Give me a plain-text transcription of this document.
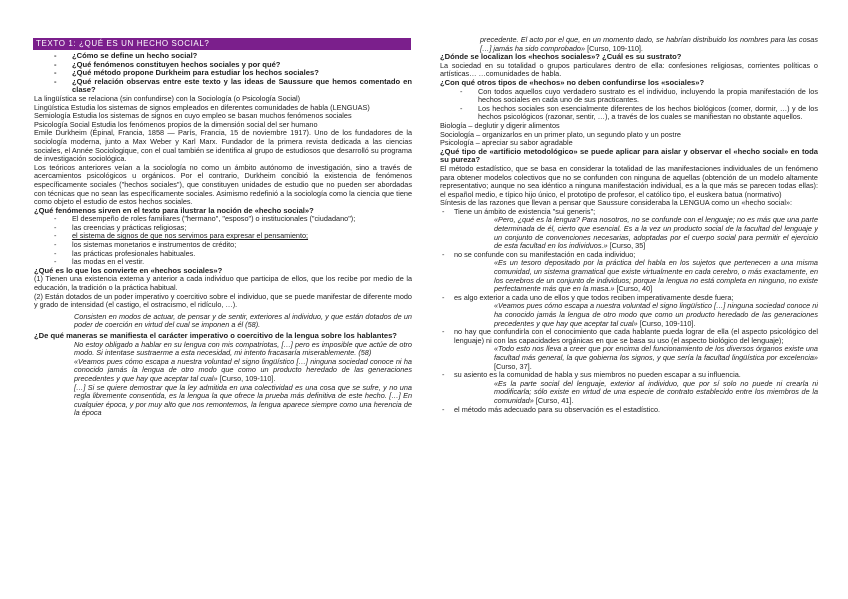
TEXTO 1: ¿QUÉ ES UN HECHO SOCIAL?
- ¿Cómo se define un hecho social?
- ¿Qué fenómenos constituyen hechos sociales y por qué?
- ¿Qué método propone Durkheim para estudiar los hechos sociales?
- ¿Qué relación observas entre este texto y las ideas de Saussure que hemos comentado en clase?

La lingüística se relaciona (sin confundirse) con la Sociología (o Psicología Social)

Lingüística Estudia los sistemas de signos empleados en diferentes comunidades de habla (LENGUAS)

Semiología Estudia los sistemas de signos en cuyo empleo se basan muchos fenómenos sociales

Psicología Social Estudia los fenómenos propios de la dimensión social del ser humano

Emile Durkheim (Épinal, Francia, 1858 — París, Francia, 15 de noviembre 1917). Uno de los fundadores de la sociología moderna, junto a Max Weber y Karl Marx. Fundador de la primera revista dedicada a las ciencias sociales, el Année Sociologique, con el cual también se identifica al grupo de estudiosos que desarrolló su programa de investigación sociológica.

Los teóricos anteriores veían a la sociología no como un ámbito autónomo de investigación, sino a través de acercamientos psicológicos u orgánicos. Por el contrario, Durkheim concibió la existencia de fenómenos específicamente sociales ("hechos sociales"), que constituyen unidades de estudio que no pueden ser abordadas con técnicas que no sean las específicamente sociales. Asimismo redefinió a la sociología como la ciencia que tiene como objeto el estudio de estos hechos sociales.

¿Qué fenómenos sirven en el texto para ilustrar la noción de «hecho social»?

- El desempeño de roles familiares ("hermano", "esposo") o institucionales ("ciudadano");
- las creencias y prácticas religiosas;
- el sistema de signos de que nos servimos para expresar el pensamiento;
- los sistemas monetarios e instrumentos de crédito;
- las prácticas profesionales habituales.
- las modas en el vestir.

¿Qué es lo que los convierte en «hechos sociales»?

(1) Tienen una existencia externa y anterior a cada individuo que participa de ellos, que los recibe por medio de la educación, la tradición o la práctica habitual.

(2) Están dotados de un poder imperativo y coercitivo sobre el individuo, que se puede manifestar de diferente modo y grado de intensidad (el castigo, el ostracismo, el ridículo, …).

Consisten en modos de actuar, de pensar y de sentir, exteriores al individuo, y que están dotados de un poder de coerción en virtud del cual se imponen a él (58).

¿De qué maneras se manifiesta el carácter imperativo o coercitivo de la lengua sobre los hablantes?

No estoy obligado a hablar en su lengua con mis compatriotas, […] pero es imposible que actúe de otro modo. Si intentase sustraerme a esta necesidad, mi intento fracasaría miserablemente. (58)

«Veamos pues cómo escapa a nuestra voluntad el signo lingüístico […] ninguna sociedad conoce ni ha conocido jamás la lengua de otro modo que como un producto heredado de las generaciones precedentes y que hay que aceptar tal cual» [Curso, 109-110].

[…] Si se quiere demostrar que la ley admitida en una colectividad es una cosa que se sufre, y no una regla libremente consentida, es la lengua la que ofrece la prueba más definitiva de este hecho. […] En cualquier época, y por muy alto que nos remontemos, la lengua aparece siempre como una herencia de la época

precedente. El acto por el que, en un momento dado, se habrían distribuido los nombres para las cosas […] jamás ha sido comprobado» [Curso, 109-110].

¿Dónde se localizan los «hechos sociales»? ¿Cuál es su sustrato?

La sociedad en su totalidad o grupos particulares dentro de ella: confesiones religiosas, corrientes políticas o artísticas… …comunidades de habla.

¿Con qué otros tipos de «hechos» no deben confundirse los «sociales»?

- Con todos aquellos cuyo verdadero sustrato es el individuo, incluyendo la propia manifestación de los hechos sociales en cada uno de sus practicantes.
- Los hechos sociales son esencialmente diferentes de los hechos biológicos (comer, dormir, …) y de los hechos psicológicos (razonar, sentir, …), a través de los cuales se manifiestan no obstante aquellos.

Biología – deglutir y digerir alimentos

Sociología – organizarlos en un primer plato, un segundo plato y un postre

Psicología – apreciar su sabor agradable

¿Qué tipo de «artificio metodológico» se puede aplicar para aislar y observar el «hecho social» en toda su pureza?

El método estadístico, que se basa en considerar la totalidad de las manifestaciones individuales de un fenómeno para obtener modelos colectivos que no se confunden con ninguna de aquellas (obtención de un modelo altamente representativo; aunque no sea idéntico a ninguna manifestación individual, es a la que más se parecen todas ellas): el español medio, e típico hijo único, el prototipo de profesor, el católico tipo, el euskera batua (normativo)

Síntesis de las razones que llevan a pensar que Saussure consideraba la LENGUA como un «hecho social»:

- Tiene un ámbito de existencia "sui generis";

«Pero, ¿qué es la lengua? Para nosotros, no se confunde con el lenguaje; no es más que una parte determinada de él, cierto que esencial. Es a la vez un producto social de la facultad del lenguaje y un conjunto de convenciones necesarias, adoptadas por el cuerpo social para permitir el ejercicio de esta facultad en los individuos.» [Curso, 35]

- no se confunde con su manifestación en cada individuo;

«Es un tesoro depositado por la práctica del habla en los sujetos que pertenecen a una misma comunidad, un sistema gramatical que existe virtualmente en cada cerebro, o más exactamente, en los cerebros de un conjunto de individuos; porque la lengua no está completa en ninguno, no existe perfectamente más que en la masa.» [Curso, 40]

- es algo exterior a cada uno de ellos y que todos reciben imperativamente desde fuera;

«Veamos pues cómo escapa a nuestra voluntad el signo lingüístico […] ninguna sociedad conoce ni ha conocido jamás la lengua de otro modo que como un producto heredado de las generaciones precedentes y que hay que aceptar tal cual» [Curso, 109-110].

- no hay que confundirla con el conocimiento que cada hablante pueda lograr de ella (el aspecto psicológico del lenguaje) ni con las capacidades orgánicas en que se basa su uso (el aspecto biológico del lenguaje);

«Todo esto nos lleva a creer que por encima del funcionamiento de los diversos órganos existe una facultad más general, la que gobierna los signos, y que sería la facultad lingüística por excelencia» [Curso, 37].

- su asiento es la comunidad de habla y sus miembros no pueden escapar a su influencia.

«Es la parte social del lenguaje, exterior al individuo, que por sí solo no puede ni crearla ni modificarla; sólo existe en virtud de una especie de contrato establecido entre los miembros de la comunidad» [Curso, 41].

- el método más adecuado para su observación es el estadístico.
